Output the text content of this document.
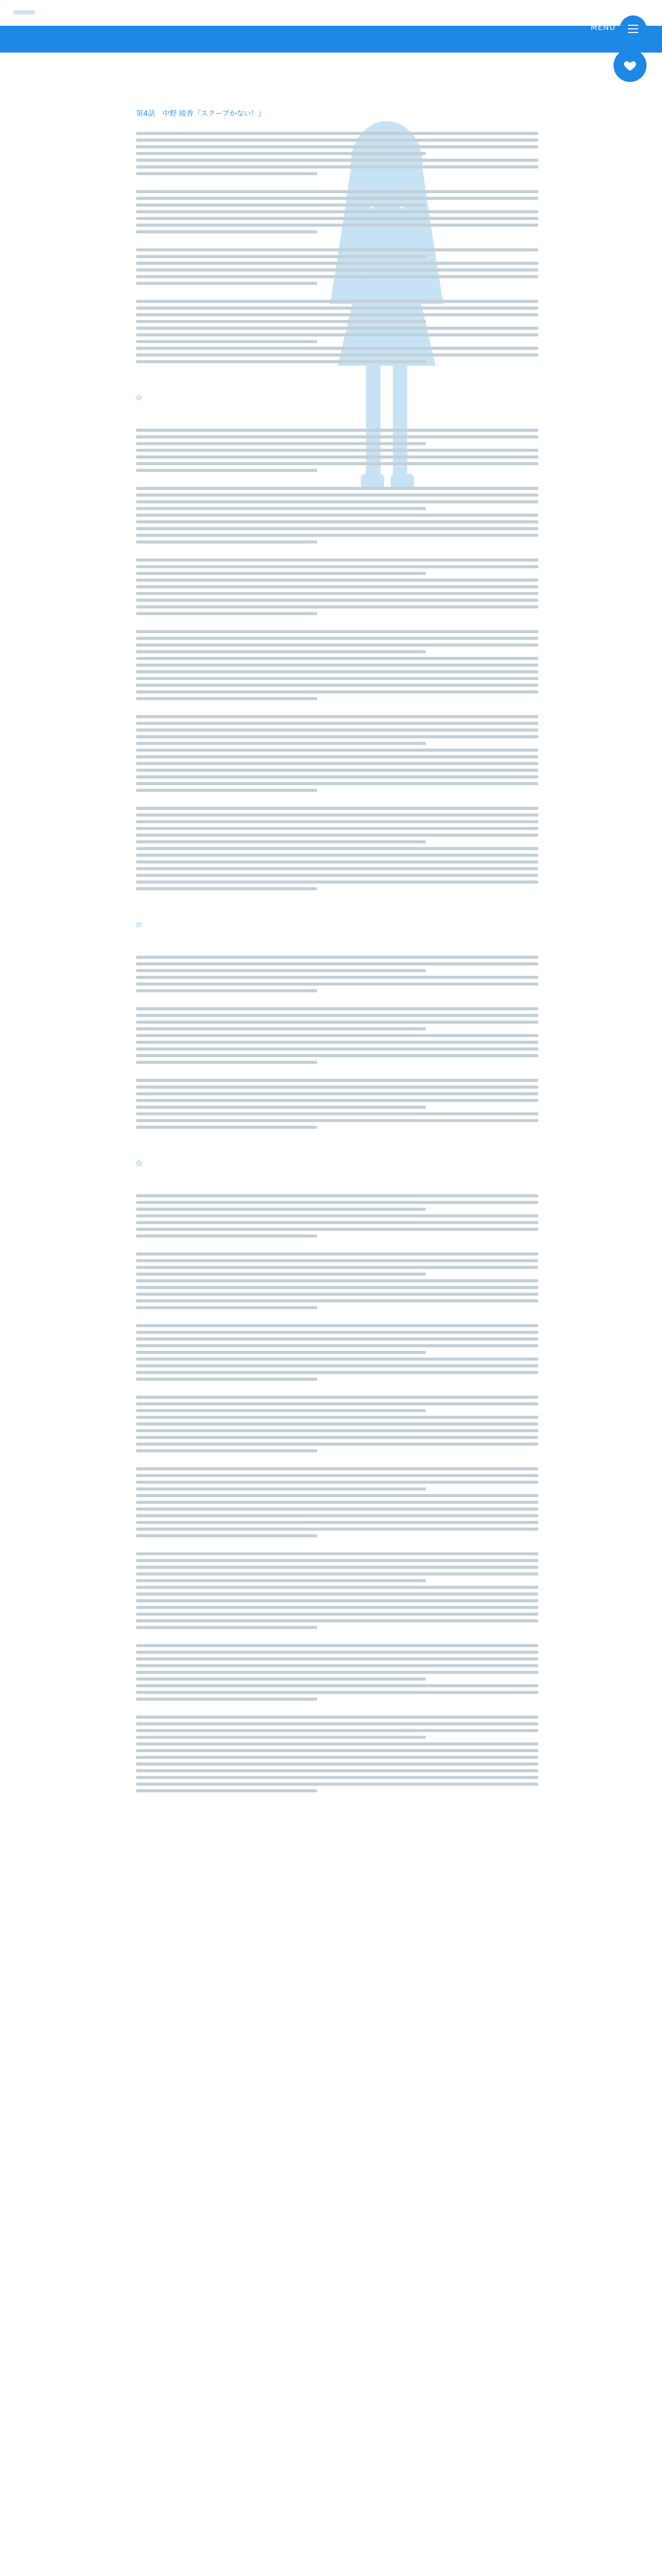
MENU
第4話　中野 綾香『スクープかない！』
☆
☆
☆
